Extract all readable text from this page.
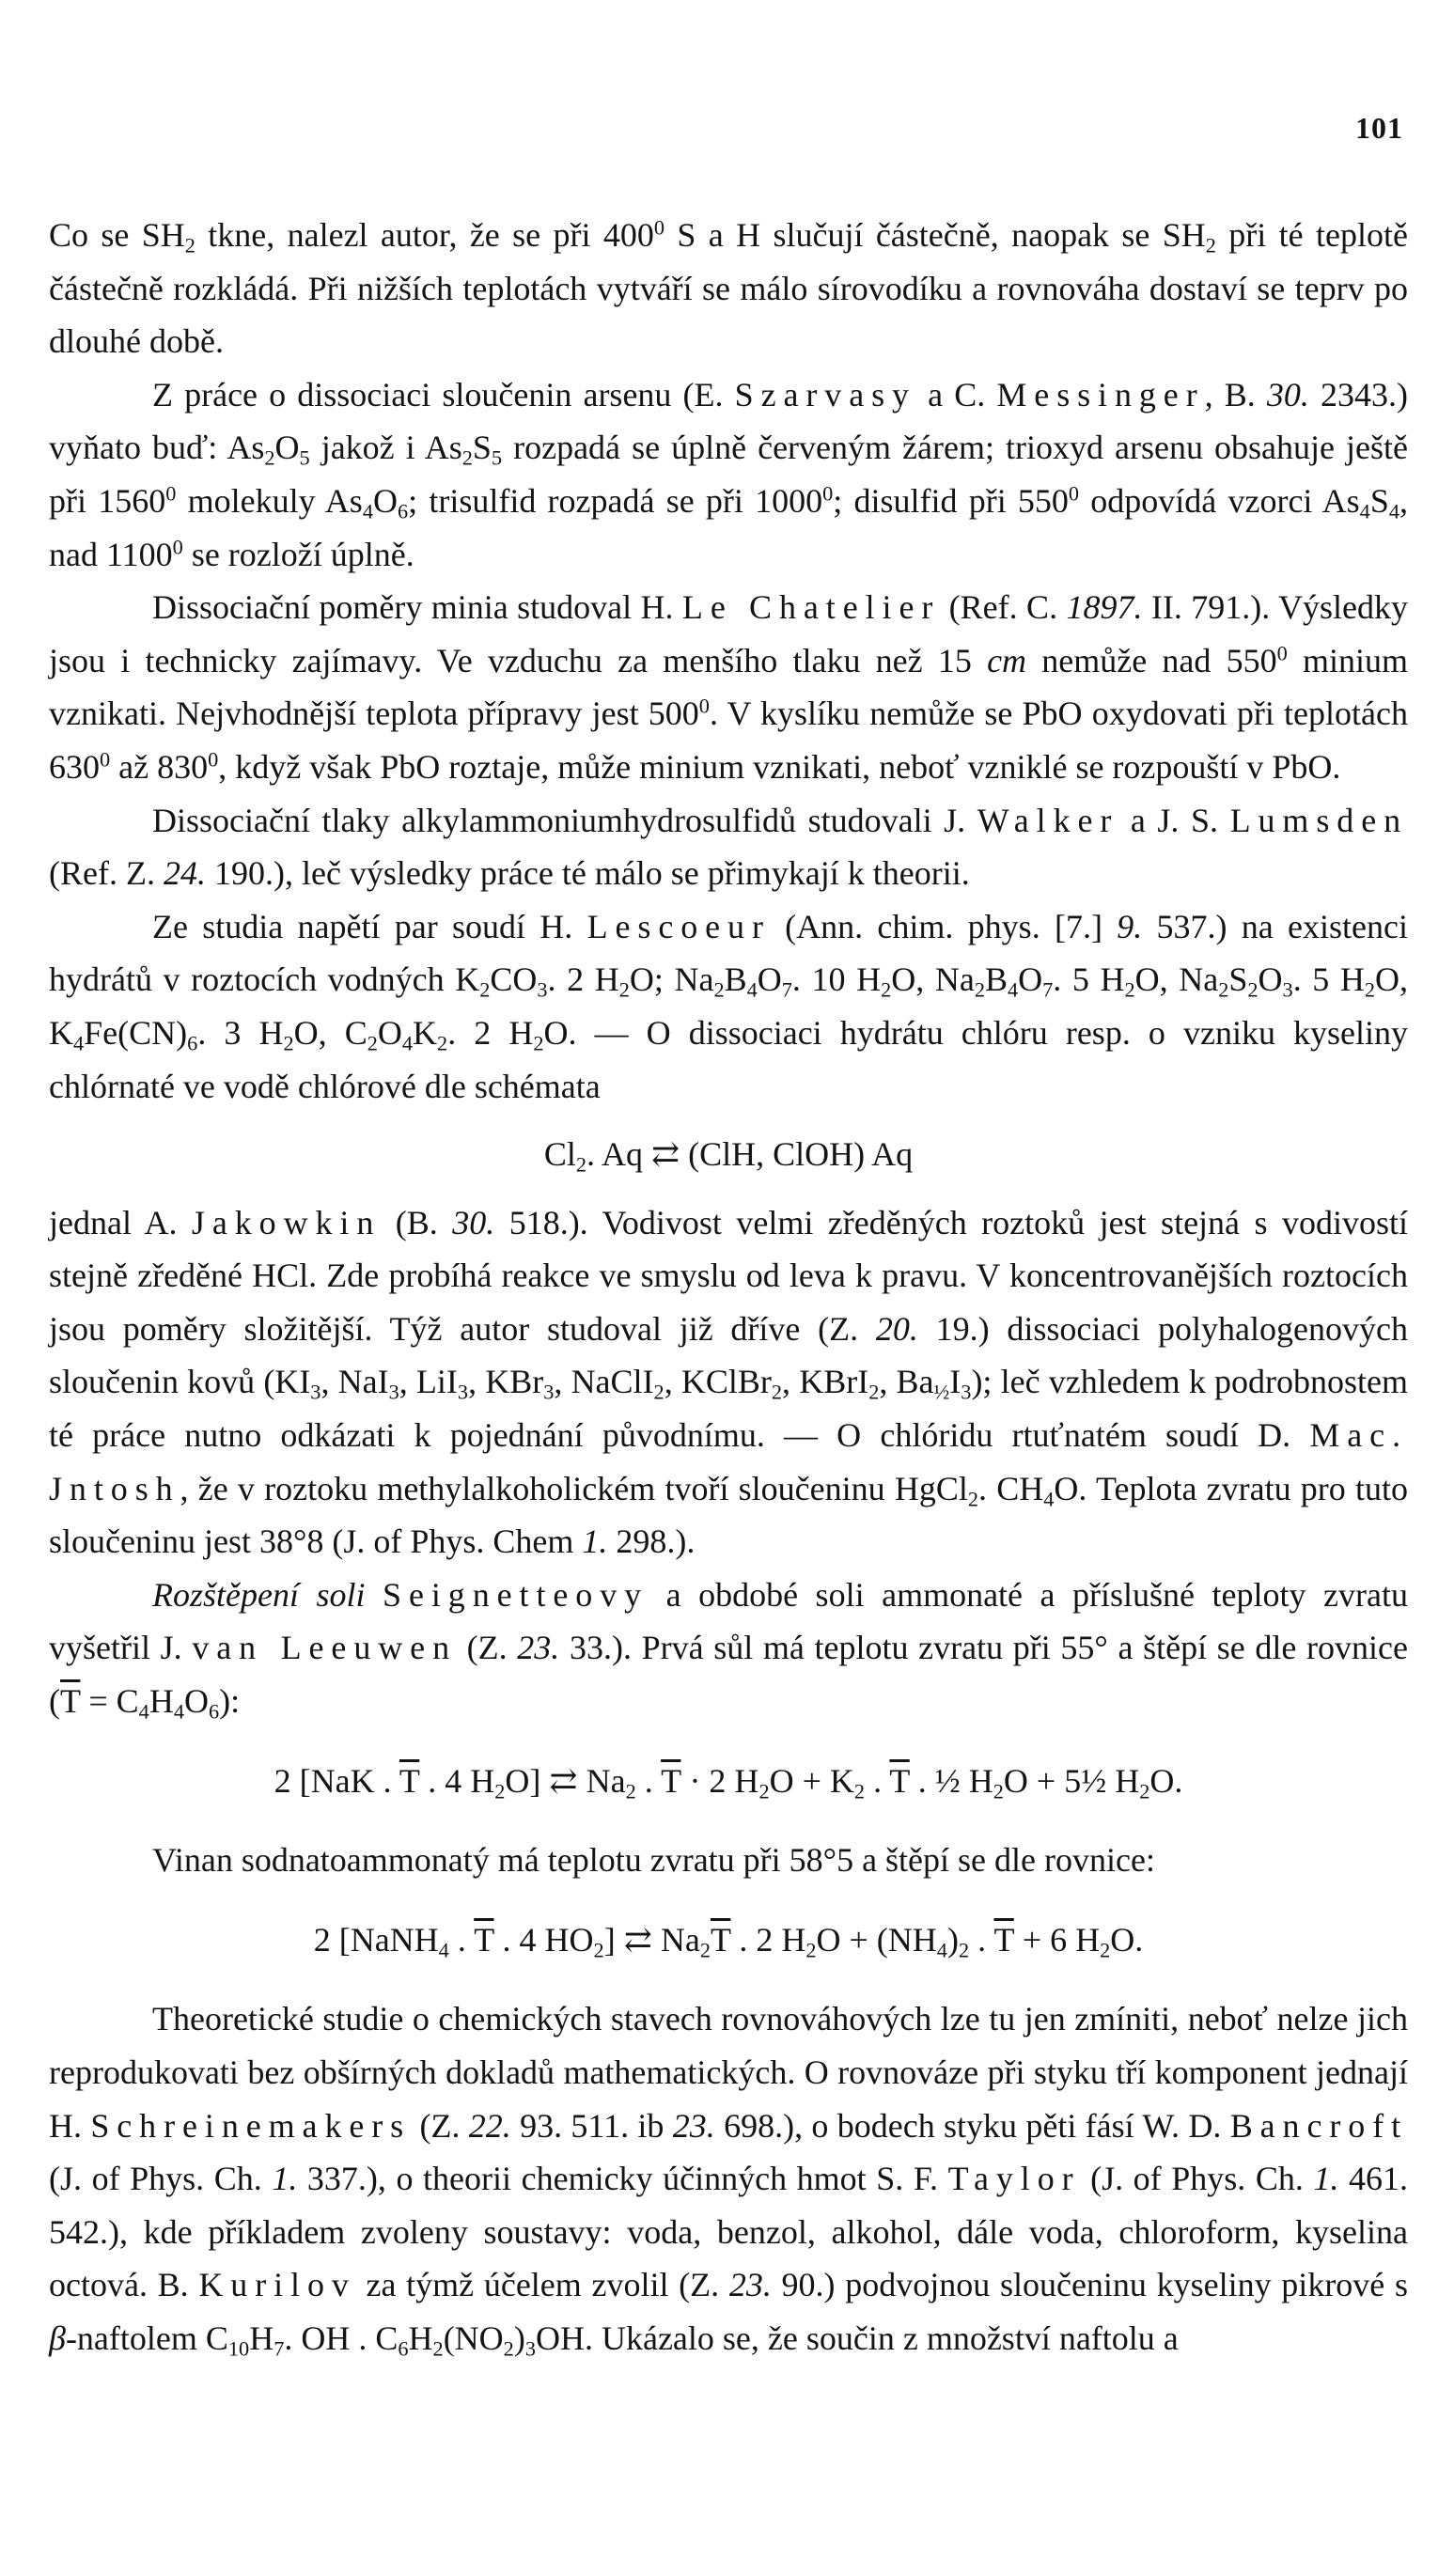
101

Co se $SH_2$ tkne, nalezl autor, že se při $400^0$ S a H slučují částečně, naopak se $SH_2$ při té teplotě částečně rozkládá. Při nižších teplotách vytváří se málo sírovodíku a rovnováha dostaví se teprv po dlouhé době.

Z práce o dissociaci sloučenin arsenu (E. Szarvasy a C. Messinger, B. 30. 2343.) vyňato buď: $As_2O_5$ jakož i $As_2S_5$ rozpadá se úplně červeným žárem; trioxyd arsenu obsahuje ještě při 1560$^0$ molekuly $As_4O_6$; trisulfid rozpadá se při 1000$^0$; disulfid při $550^0$ odpovídá vzorci $As_4S_4$, nad 1100$^0$ se rozloží úplně.

Dissociační poměry minia studoval H. Le Chatelier (Ref. C. 1897. II. 791.). Výsledky jsou i technicky zajímavy. Ve vzduchu za menšího tlaku než 15 cm nemůže nad $550^0$ minium vznikati. Nejvhodnější teplota přípravy jest $500^0$. V kyslíku nemůže se PbO oxydovati při teplotách $630^0$ až $830^0$, když však PbO roztaje, může minium vznikati, neboť vzniklé se rozpouští v PbO.

Dissociační tlaky alkylammoniumhydrosulfidů studovali J. Walker a J. S. Lumsden (Ref. Z. 24. 190.), leč výsledky práce té málo se přimykají k theorii.

Ze studia napětí par soudí H. Lescoeur (Ann. chim. phys. [7.] 9. 537.) na existenci hydrátů v roztocích vodných $K_2CO_3$. 2 $H_2O$; $Na_2B_4O_7$. 10 $H_2O$, $Na_2B_4O_7$. 5 $H_2O$, $Na_2S_2O_3$. 5 $H_2O$, $K_4Fe(CN)_6$. 3 $H_2O$, $C_2O_4K_2$. 2 $H_2O$. — O dissociaci hydrátu chlóru resp. o vzniku kyseliny chlórnaté ve vodě chlórové dle schémata

$Cl_2$. Aq ⇄ (ClH, ClOH) Aq

jednal A. Jakowkin (B. 30. 518.). Vodivost velmi zředěných roztoků jest stejná s vodivostí stejně zředěné HCl. Zde probíhá reakce ve smyslu od leva k pravu. V koncentrovanějších roztocích jsou poměry složitější. Týž autor studoval již dříve (Z. 20. 19.) dissociaci polyhalogenových sloučenin kovů ($KI_3$, NaI$_3$, LiI$_3$, KBr$_3$, NaClI$_2$, KClBr$_2$, KBrI$_2$, $Ba_{\frac{1}{2}}I_3$); leč vzhledem k podrobnostem té práce nutno odkázati k pojednání původnímu. — O chlóridu rtuťnatém soudí D. Mac. Jntosh, že v roztoku methylalkoholickém tvoří sloučeninu HgCl$_2$. $CH_4O$. Teplota zvratu pro tuto sloučeninu jest 38°8 (J. of Phys. Chem 1. 298.).

Rozštěpení soli Seignetteovy a obdobé soli ammonaté a příslušné teploty zvratu vyšetřil J. van Leeuwen (Z. 23. 33.). Prvá sůl má teplotu zvratu při 55° a štěpí se dle rovnice $(\overline{T} = C_4H_4O_6)$:

2 [NaK . $\overline{T}$ . 4 $H_2O$] ⇄ $Na_2$ . $\overline{T} \cdot 2$ $H_2O + K_2$ . $\overline{T}$ . ½ $H_2O$ + 5½ $H_2O$.

Vinan sodnatoammonatý má teplotu zvratu při 58°5 a štěpí se dle rovnice:

2 [NaNH$_4$ . $\overline{T}$ . 4 $HO_2$] ⇄ $Na_2\overline{T}$ . 2 $H_2O + (NH_4)_2$ . $\overline{T} + 6$ $H_2O$.

Theoretické studie o chemických stavech rovnováhových lze tu jen zmíniti, neboť nelze jich reprodukovati bez obšírných dokladů mathematických. O rovnováze při styku tří komponent jednají H. Schreinemakers (Z. 22. 93. 511. ib 23. 698.), o bodech styku pěti fásí W. D. Bancroft (J. of Phys. Ch. 1. 337.), o theorii chemicky účinných hmot S. F. Taylor (J. of Phys. Ch. 1. 461. 542.), kde příkladem zvoleny soustavy: voda, benzol, alkohol, dále voda, chloroform, kyselina octová. B. Kurilov za týmž účelem zvolil (Z. 23. 90.) podvojnou sloučeninu kyseliny pikrové s β-naftolem $C_{10}H_7$. OH . $C_6H_2(NO_2)_3OH$. Ukázalo se, že součin z množství naftolu a
